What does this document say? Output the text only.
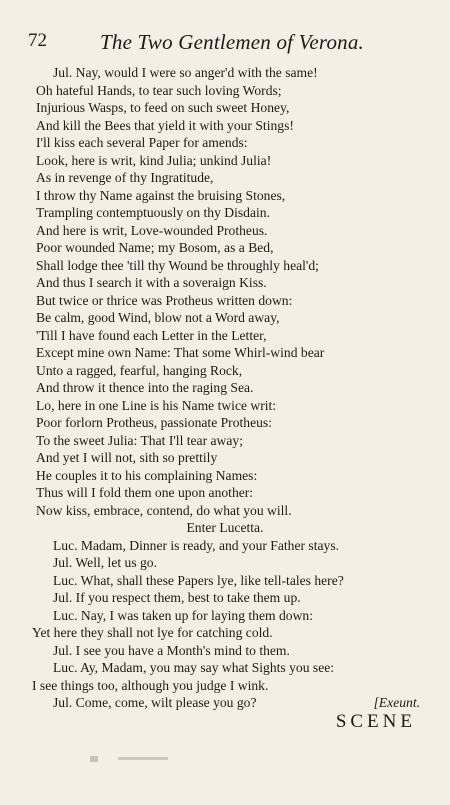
72	The Two Gentlemen of Verona.
Jul. Nay, would I were so anger'd with the same!
Oh hateful Hands, to tear such loving Words;
Injurious Wasps, to feed on such sweet Honey,
And kill the Bees that yield it with your Stings!
I'll kiss each several Paper for amends:
Look, here is writ, kind Julia; unkind Julia!
As in revenge of thy Ingratitude,
I throw thy Name against the bruising Stones,
Trampling contemptuously on thy Disdain.
And here is writ, Love-wounded Protheus.
Poor wounded Name; my Bosom, as a Bed,
Shall lodge thee 'till thy Wound be throughly heal'd;
And thus I search it with a soveraign Kiss.
But twice or thrice was Protheus written down:
Be calm, good Wind, blow not a Word away,
'Till I have found each Letter in the Letter,
Except mine own Name: That some Whirl-wind bear
Unto a ragged, fearful, hanging Rock,
And throw it thence into the raging Sea.
Lo, here in one Line is his Name twice writ:
Poor forlorn Protheus, passionate Protheus:
To the sweet Julia: That I'll tear away;
And yet I will not, sith so prettily
He couples it to his complaining Names:
Thus will I fold them one upon another:
Now kiss, embrace, contend, do what you will.
Enter Lucetta.
Luc. Madam, Dinner is ready, and your Father stays.
Jul. Well, let us go.
Luc. What, shall these Papers lye, like tell-tales here?
Jul. If you respect them, best to take them up.
Luc. Nay, I was taken up for laying them down:
Yet here they shall not lye for catching cold.
Jul. I see you have a Month's mind to them.
Luc. Ay, Madam, you may say what Sights you see:
I see things too, although you judge I wink.
Jul. Come, come, wilt please you go?	[Exeunt.
SCENE
